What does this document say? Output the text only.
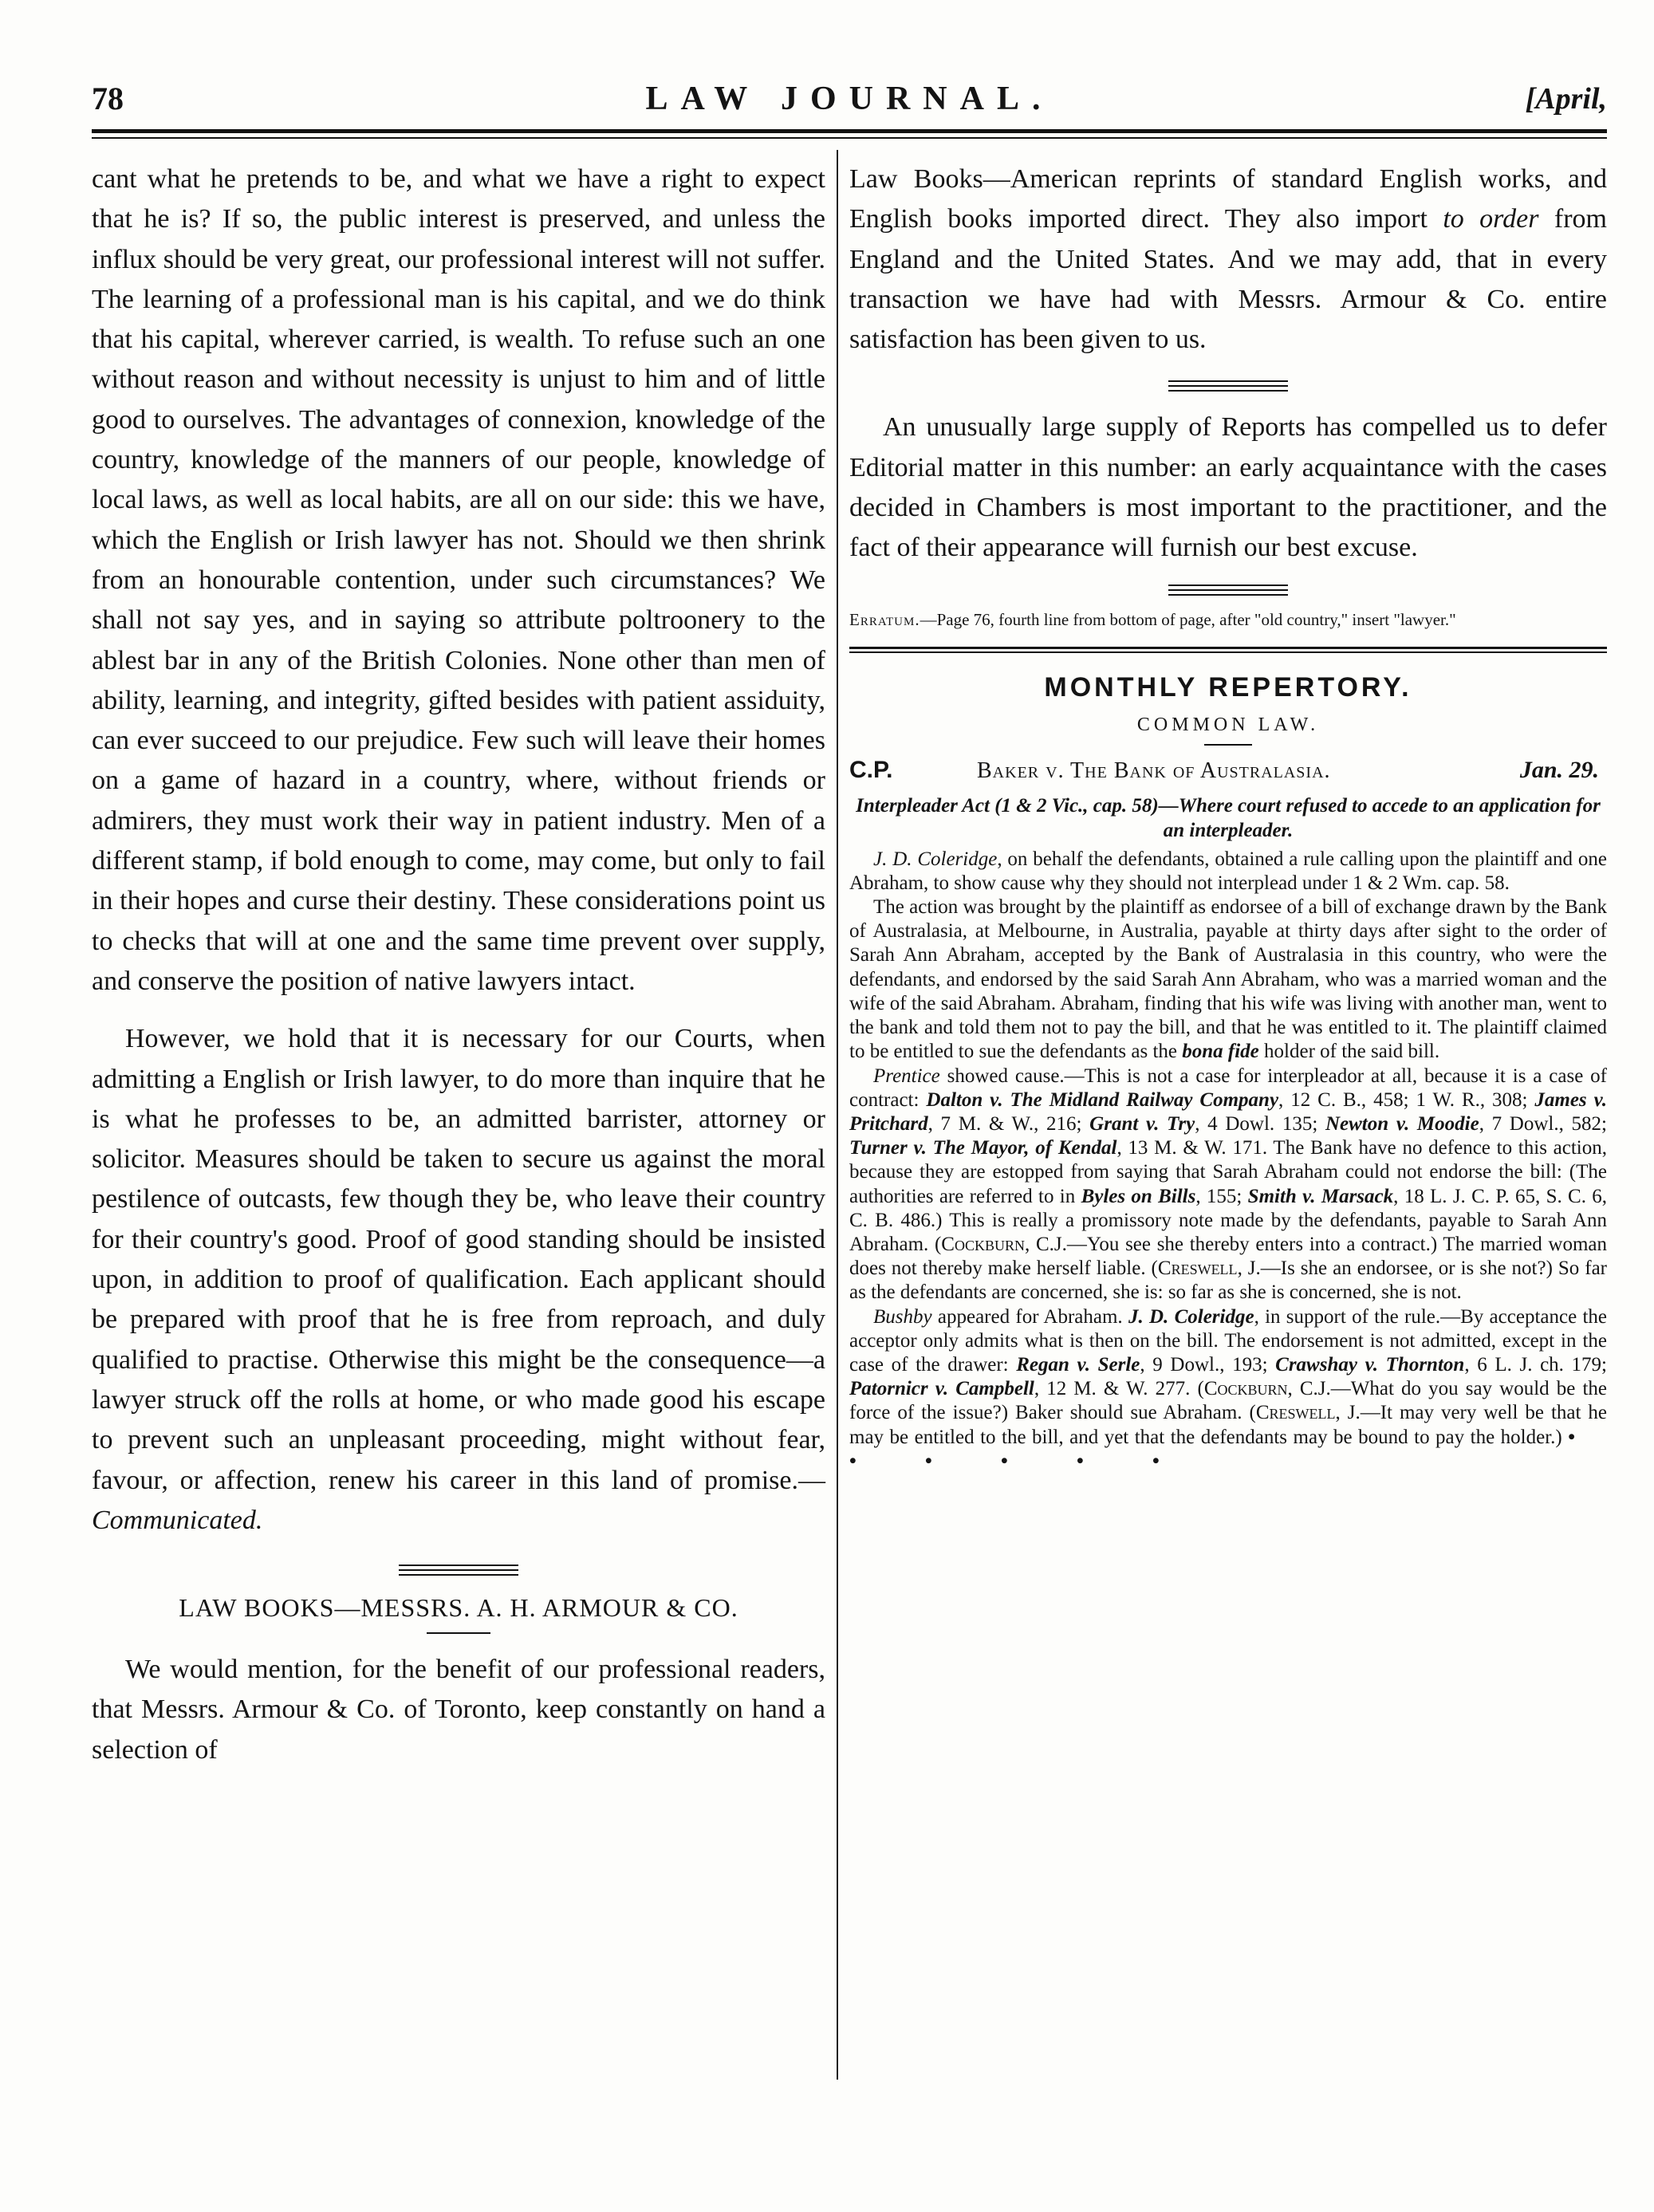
78	LAW JOURNAL.	[April,

cant what he pretends to be, and what we have a right to expect that he is? If so, the public interest is preserved, and unless the influx should be very great, our professional interest will not suffer. The learning of a professional man is his capital, and we do think that his capital, wherever carried, is wealth. To refuse such an one without reason and without necessity is unjust to him and of little good to ourselves. The advantages of connexion, knowledge of the country, knowledge of the manners of our people, knowledge of local laws, as well as local habits, are all on our side: this we have, which the English or Irish lawyer has not. Should we then shrink from an honourable contention, under such circumstances? We shall not say yes, and in saying so attribute poltroonery to the ablest bar in any of the British Colonies. None other than men of ability, learning, and integrity, gifted besides with patient assiduity, can ever succeed to our prejudice. Few such will leave their homes on a game of hazard in a country, where, without friends or admirers, they must work their way in patient industry. Men of a different stamp, if bold enough to come, may come, but only to fail in their hopes and curse their destiny. These considerations point us to checks that will at one and the same time prevent over supply, and conserve the position of native lawyers intact.

However, we hold that it is necessary for our Courts, when admitting a English or Irish lawyer, to do more than inquire that he is what he professes to be, an admitted barrister, attorney or solicitor. Measures should be taken to secure us against the moral pestilence of outcasts, few though they be, who leave their country for their country's good. Proof of good standing should be insisted upon, in addition to proof of qualification. Each applicant should be prepared with proof that he is free from reproach, and duly qualified to practise. Otherwise this might be the consequence—a lawyer struck off the rolls at home, or who made good his escape to prevent such an unpleasant proceeding, might without fear, favour, or affection, renew his career in this land of promise.—Communicated.

LAW BOOKS—MESSRS. A. H. ARMOUR & CO.

We would mention, for the benefit of our professional readers, that Messrs. Armour & Co. of Toronto, keep constantly on hand a selection of

Law Books—American reprints of standard English works, and English books imported direct. They also import to order from England and the United States. And we may add, that in every transaction we have had with Messrs. Armour & Co. entire satisfaction has been given to us.

An unusually large supply of Reports has compelled us to defer Editorial matter in this number: an early acquaintance with the cases decided in Chambers is most important to the practitioner, and the fact of their appearance will furnish our best excuse.

Erratum.—Page 76, fourth line from bottom of page, after "old country," insert "lawyer."

MONTHLY REPERTORY.

COMMON LAW.

C.P.	Baker v. The Bank of Australasia.	Jan. 29.

Interpleader Act (1 & 2 Vic., cap. 58)—Where court refused to accede to an application for an interpleader.

J. D. Coleridge, on behalf the defendants, obtained a rule calling upon the plaintiff and one Abraham, to show cause why they should not interplead under 1 & 2 Wm. cap. 58.

The action was brought by the plaintiff as endorsee of a bill of exchange drawn by the Bank of Australasia, at Melbourne, in Australia, payable at thirty days after sight to the order of Sarah Ann Abraham, accepted by the Bank of Australasia in this country, who were the defendants, and endorsed by the said Sarah Ann Abraham, who was a married woman and the wife of the said Abraham. Abraham, finding that his wife was living with another man, went to the bank and told them not to pay the bill, and that he was entitled to it. The plaintiff claimed to be entitled to sue the defendants as the bona fide holder of the said bill.

Prentice showed cause.—This is not a case for interpleador at all, because it is a case of contract: Dalton v. The Midland Railway Company, 12 C. B., 458; 1 W. R., 308; James v. Pritchard, 7 M. & W., 216; Grant v. Try, 4 Dowl. 135; Newton v. Moodie, 7 Dowl., 582; Turner v. The Mayor, of Kendal, 13 M. & W. 171. The Bank have no defence to this action, because they are estopped from saying that Sarah Abraham could not endorse the bill: (The authorities are referred to in Byles on Bills, 155; Smith v. Marsack, 18 L. J. C. P. 65, S. C. 6, C. B. 486.) This is really a promissory note made by the defendants, payable to Sarah Ann Abraham. (Cockburn, C.J.—You see she thereby enters into a contract.) The married woman does not thereby make herself liable. (Creswell, J.—Is she an endorsee, or is she not?) So far as the defendants are concerned, she is: so far as she is concerned, she is not.

Bushby appeared for Abraham. J. D. Coleridge, in support of the rule.—By acceptance the acceptor only admits what is then on the bill. The endorsement is not admitted, except in the case of the drawer: Regan v. Serle, 9 Dowl., 193; Crawshay v. Thornton, 6 L. J. ch. 179; Patornicr v. Campbell, 12 M. & W. 277. (Cockburn, C.J.—What do you say would be the force of the issue?) Baker should sue Abraham. (Creswell, J.—It may very well be that he may be entitled to the bill, and yet that the defendants may be bound to pay the holder.) • • • • • •
